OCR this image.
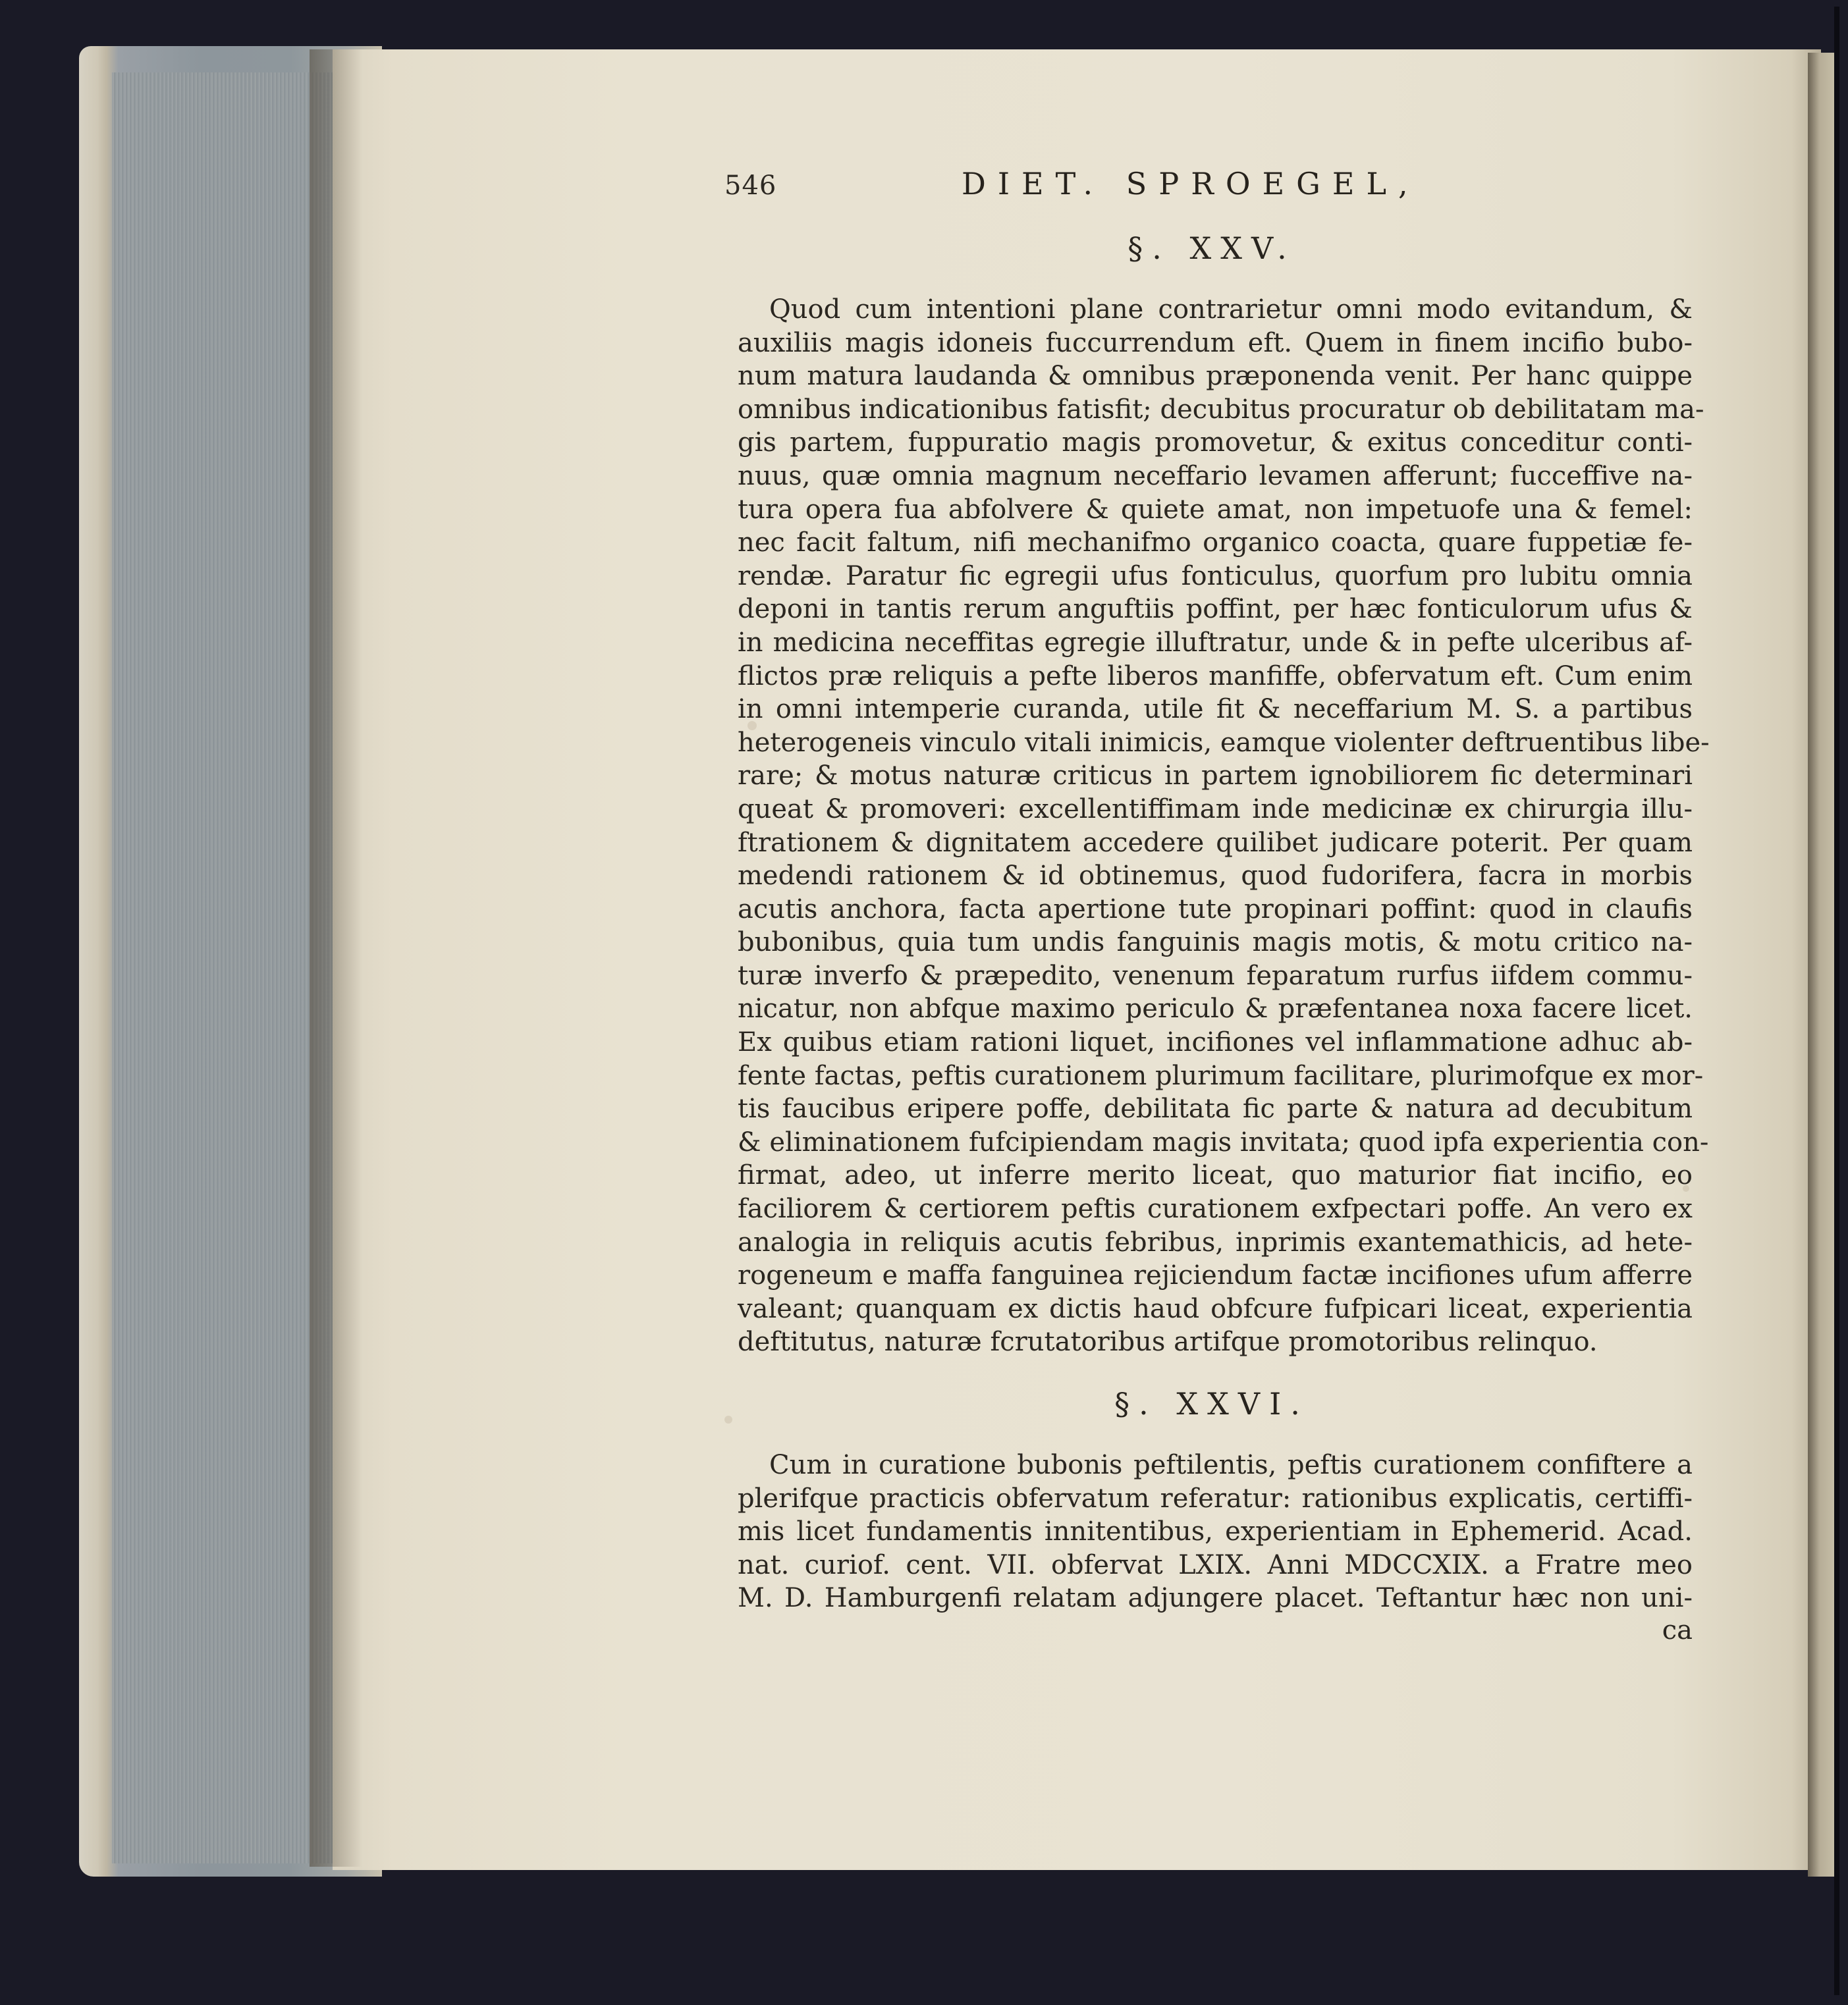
546	DIET. SPROEGEL,
§. XXV.
Quod cum intentioni plane contrarietur omni modo evitandum, &
auxiliis magis idoneis fuccurrendum eft. Quem in finem incifio bubo-
num matura laudanda & omnibus præponenda venit. Per hanc quippe
omnibus indicationibus fatisfit; decubitus procuratur ob debilitatam ma-
gis partem, fuppuratio magis promovetur, & exitus conceditur conti-
nuus, quæ omnia magnum neceffario levamen afferunt; fucceffive na-
tura opera fua abfolvere & quiete amat, non impetuofe una & femel:
nec facit faltum, nifi mechanifmo organico coacta, quare fuppetiæ fe-
rendæ. Paratur fic egregii ufus fonticulus, quorfum pro lubitu omnia
deponi in tantis rerum anguftiis poffint, per hæc fonticulorum ufus &
in medicina neceffitas egregie illuftratur, unde & in pefte ulceribus af-
flictos præ reliquis a pefte liberos manfiffe, obfervatum eft. Cum enim
in omni intemperie curanda, utile fit & neceffarium M. S. a partibus
heterogeneis vinculo vitali inimicis, eamque violenter deftruentibus libe-
rare; & motus naturæ criticus in partem ignobiliorem fic determinari
queat & promoveri: excellentiffimam inde medicinæ ex chirurgia illu-
ftrationem & dignitatem accedere quilibet judicare poterit. Per quam
medendi rationem & id obtinemus, quod fudorifera, facra in morbis
acutis anchora, facta apertione tute propinari poffint: quod in claufis
bubonibus, quia tum undis fanguinis magis motis, & motu critico na-
turæ inverfo & præpedito, venenum feparatum rurfus iifdem commu-
nicatur, non abfque maximo periculo & præfentanea noxa facere licet.
Ex quibus etiam rationi liquet, incifiones vel inflammatione adhuc ab-
fente factas, peftis curationem plurimum facilitare, plurimofque ex mor-
tis faucibus eripere poffe, debilitata fic parte & natura ad decubitum
& eliminationem fufcipiendam magis invitata; quod ipfa experientia con-
firmat, adeo, ut inferre merito liceat, quo maturior fiat incifio, eo
faciliorem & certiorem peftis curationem exfpectari poffe. An vero ex
analogia in reliquis acutis febribus, inprimis exantemathicis, ad hete-
rogeneum e maffa fanguinea rejiciendum factæ incifiones ufum afferre
valeant; quanquam ex dictis haud obfcure fufpicari liceat, experientia
deftitutus, naturæ fcrutatoribus artifque promotoribus relinquo.
§. XXVI.
Cum in curatione bubonis peftilentis, peftis curationem confiftere a
plerifque practicis obfervatum referatur: rationibus explicatis, certiffi-
mis licet fundamentis innitentibus, experientiam in Ephemerid. Acad.
nat. curiof. cent. VII. obfervat LXIX. Anni MDCCXIX. a Fratre meo
M. D. Hamburgenfi relatam adjungere placet. Teftantur hæc non uni-
ca
